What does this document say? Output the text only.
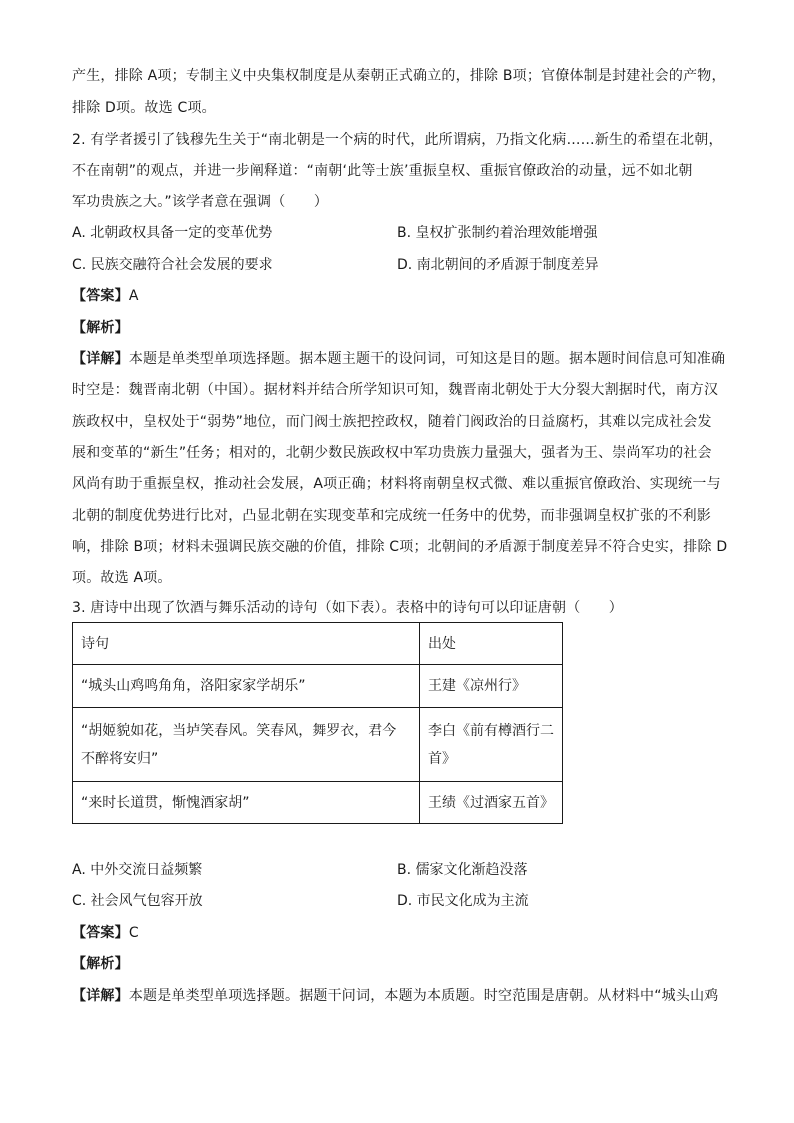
产生，排除 A项；专制主义中央集权制度是从秦朝正式确立的，排除 B项；官僚体制是封建社会的产物，
排除 D项。故选 C项。
2. 有学者援引了钱穆先生关于“南北朝是一个病的时代，此所谓病，乃指文化病……新生的希望在北朝，
不在南朝”的观点，并进一步阐释道：“南朝‘此等士族’重振皇权、重振官僚政治的动量，远不如北朝
军功贵族之大。”该学者意在强调（　　）
A. 北朝政权具备一定的变革优势	B. 皇权扩张制约着治理效能增强
C. 民族交融符合社会发展的要求	D. 南北朝间的矛盾源于制度差异
【答案】A
【解析】
【详解】本题是单类型单项选择题。据本题主题干的设问词，可知这是目的题。据本题时间信息可知准确
时空是：魏晋南北朝（中国）。据材料并结合所学知识可知，魏晋南北朝处于大分裂大割据时代，南方汉
族政权中，皇权处于“弱势”地位，而门阀士族把控政权，随着门阀政治的日益腐朽，其难以完成社会发
展和变革的“新生”任务；相对的，北朝少数民族政权中军功贵族力量强大，强者为王、崇尚军功的社会
风尚有助于重振皇权，推动社会发展，A项正确；材料将南朝皇权式微、难以重振官僚政治、实现统一与
北朝的制度优势进行比对，凸显北朝在实现变革和完成统一任务中的优势，而非强调皇权扩张的不利影
响，排除 B项；材料未强调民族交融的价值，排除 C项；北朝间的矛盾源于制度差异不符合史实，排除 D
项。故选 A项。
3. 唐诗中出现了饮酒与舞乐活动的诗句（如下表）。表格中的诗句可以印证唐朝（　　）
诗句	出处
“城头山鸡鸣角角，洛阳家家学胡乐”	王建《凉州行》
“胡姬貌如花，当垆笑春风。笑春风，舞罗衣，君今
不醉将安归”	李白《前有樽酒行二
首》
“来时长道贯，惭愧酒家胡”	王绩《过酒家五首》
A. 中外交流日益频繁	B. 儒家文化渐趋没落
C. 社会风气包容开放	D. 市民文化成为主流
【答案】C
【解析】
【详解】本题是单类型单项选择题。据题干问词，本题为本质题。时空范围是唐朝。从材料中“城头山鸡
